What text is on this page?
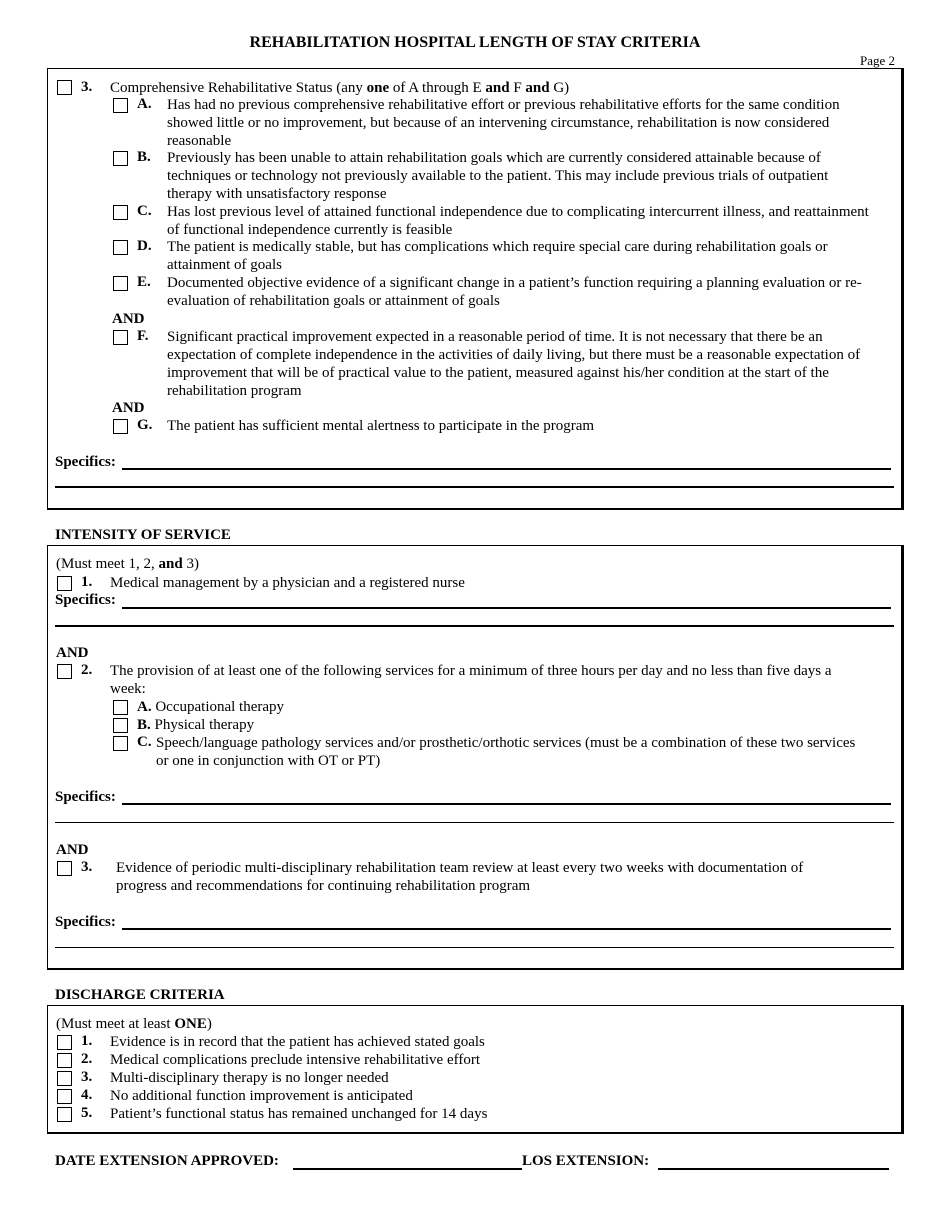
REHABILITATION HOSPITAL LENGTH OF STAY CRITERIA
Page 2
3. Comprehensive Rehabilitative Status (any one of A through E and F and G)
A. Has had no previous comprehensive rehabilitative effort or previous rehabilitative efforts for the same condition
showed little or no improvement, but because of an intervening circumstance, rehabilitation is now considered
reasonable
B. Previously has been unable to attain rehabilitation goals which are currently considered attainable because of
techniques or technology not previously available to the patient. This may include previous trials of outpatient
therapy with unsatisfactory response
C. Has lost previous level of attained functional independence due to complicating intercurrent illness, and reattainment
of functional independence currently is feasible
D. The patient is medically stable, but has complications which require special care during rehabilitation goals or
attainment of goals
E. Documented objective evidence of a significant change in a patient’s function requiring a planning evaluation or re-
evaluation of rehabilitation goals or attainment of goals
AND
F. Significant practical improvement expected in a reasonable period of time. It is not necessary that there be an
expectation of complete independence in the activities of daily living, but there must be a reasonable expectation of
improvement that will be of practical value to the patient, measured against his/her condition at the start of the
rehabilitation program
AND
G. The patient has sufficient mental alertness to participate in the program
Specifics:
INTENSITY OF SERVICE
(Must meet 1, 2, and 3)
1. Medical management by a physician and a registered nurse
Specifics:
AND
2. The provision of at least one of the following services for a minimum of three hours per day and no less than five days a
week:
A. Occupational therapy
B. Physical therapy
C. Speech/language pathology services and/or prosthetic/orthotic services (must be a combination of these two services
or one in conjunction with OT or PT)
Specifics:
AND
3. Evidence of periodic multi-disciplinary rehabilitation team review at least every two weeks with documentation of
progress and recommendations for continuing rehabilitation program
Specifics:
DISCHARGE CRITERIA
(Must meet at least ONE)
1. Evidence is in record that the patient has achieved stated goals
2. Medical complications preclude intensive rehabilitative effort
3. Multi-disciplinary therapy is no longer needed
4. No additional function improvement is anticipated
5. Patient’s functional status has remained unchanged for 14 days
DATE EXTENSION APPROVED:	LOS EXTENSION:
